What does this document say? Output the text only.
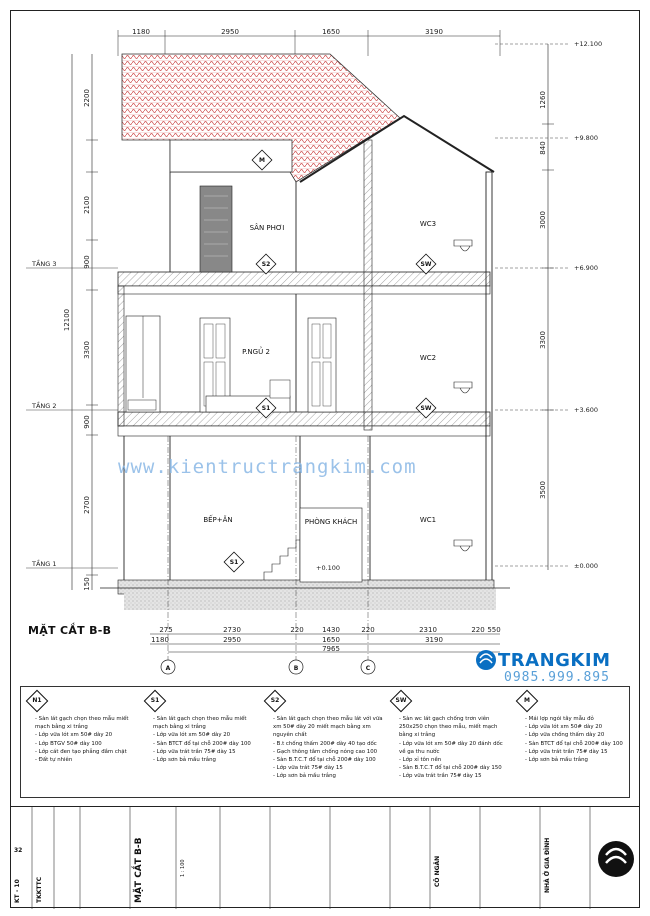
1180	2950	1650	3190
2200
2100
900
12100
3300
900
2700
150
TẦNG 3
TẦNG 2
TẦNG 1
1260
840
3000
3300
3500
+12.100
+9.800
+6.900
+3.600
±0.000
SÂN PHƠI	WC3
P.NGỦ 2
WC2
BẾP+ĂN	PHÒNG KHÁCH	WC1
+0.100
M
S2	SW
S1	SW
S1
275	2730	220	1430	220	2310	220 550
1180	2950	1650	3190
7965
A	B	C
www.kientructrangkim.com
MẶT CẮT B-B
TRANGKIM
0985.999.895
N1
- Sàn lát gạch chọn theo mẫu miết mạch bằng xi trắng
- Lớp vữa lót xm 50# dày 20
- Lớp BTGV 50# dày 100
- Lớp cát đen tạo phẳng đầm chặt
- Đất tự nhiên
S1
- Sàn lát gạch chọn theo mẫu miết mạch bằng xi trắng
- Lớp vữa lót xm 50# dày 20
- Sàn BTCT đổ tại chỗ 200# dày 100
- Lớp vữa trát trần 75# dày 15
- Lớp sơn bả mầu trắng
S2
- Sàn lát gạch chọn theo mẫu lát với vữa xm 50# dày 20 miết mạch bằng xm nguyên chất
- B.t chống thấm 200# dày 40 tạo dốc
- Gạch thông tâm chống nóng cao 100
- Sàn B.T.C.T đổ tại chỗ 200# dày 100
- Lớp vữa trát 75# dày 15
- Lớp sơn bả mầu trắng
SW
- Sàn wc lát gạch chống trơn viên 250x250 chọn theo mẫu, miết mạch bằng xi trắng
- Lớp vữa lót xm 50# dày 20 đánh dốc về ga thu nước
- Lớp xỉ tôn nền
- Sàn B.T.C.T đổ tại chỗ 200# dày 150
- Lớp vữa trát trần 75# dày 15
M
- Mái lợp ngói tây mẫu đỏ
- Lớp vữa lót xm 50# dày 20
- Lớp vữa chống thấm dày 20
- Sàn BTCT đổ tại chỗ 200# dày 100
- Lớp vữa trát trần 75# dày 15
- Lớp sơn bả mầu trắng
KT - 10	TKKTTC	MẶT CẮT B-B	1 : 100	CÔ NGÂN	NHÀ Ở GIA ĐÌNH
32
